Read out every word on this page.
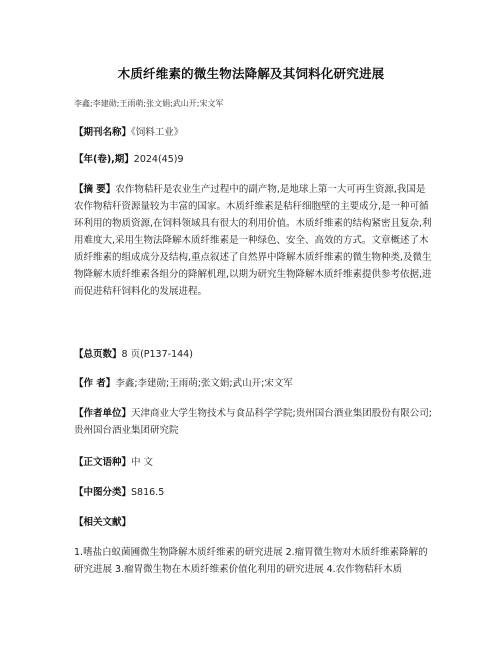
木质纤维素的微生物法降解及其饲料化研究进展
李鑫;李建勋;王雨萌;张文娟;武山开;宋文军
【期刊名称】《饲料工业》
【年(卷),期】2024(45)9
【摘 要】农作物秸秆是农业生产过程中的副产物,是地球上第一大可再生资源,我国是农作物秸秆资源量较为丰富的国家。木质纤维素是秸秆细胞壁的主要成分,是一种可循环利用的物质资源,在饲料领域具有很大的利用价值。木质纤维素的结构紧密且复杂,利用难度大,采用生物法降解木质纤维素是一种绿色、安全、高效的方式。文章概述了木质纤维素的组成成分及结构,重点叙述了自然界中降解木质纤维素的微生物种类,及微生物降解木质纤维素各组分的降解机理,以期为研究生物降解木质纤维素提供参考依据,进而促进秸秆饲料化的发展进程。
【总页数】8 页(P137-144)
【作 者】李鑫;李建勋;王雨萌;张文娟;武山开;宋文军
【作者单位】天津商业大学生物技术与食品科学学院;贵州国台酒业集团股份有限公司;贵州国台酒业集团研究院
【正文语种】中 文
【中图分类】S816.5
【相关文献】
1.嗜盐白蚁菌圃微生物降解木质纤维素的研究进展 2.瘤胃微生物对木质纤维素降解的研究进展 3.瘤胃微生物在木质纤维素价值化利用的研究进展 4.农作物秸秆木质
